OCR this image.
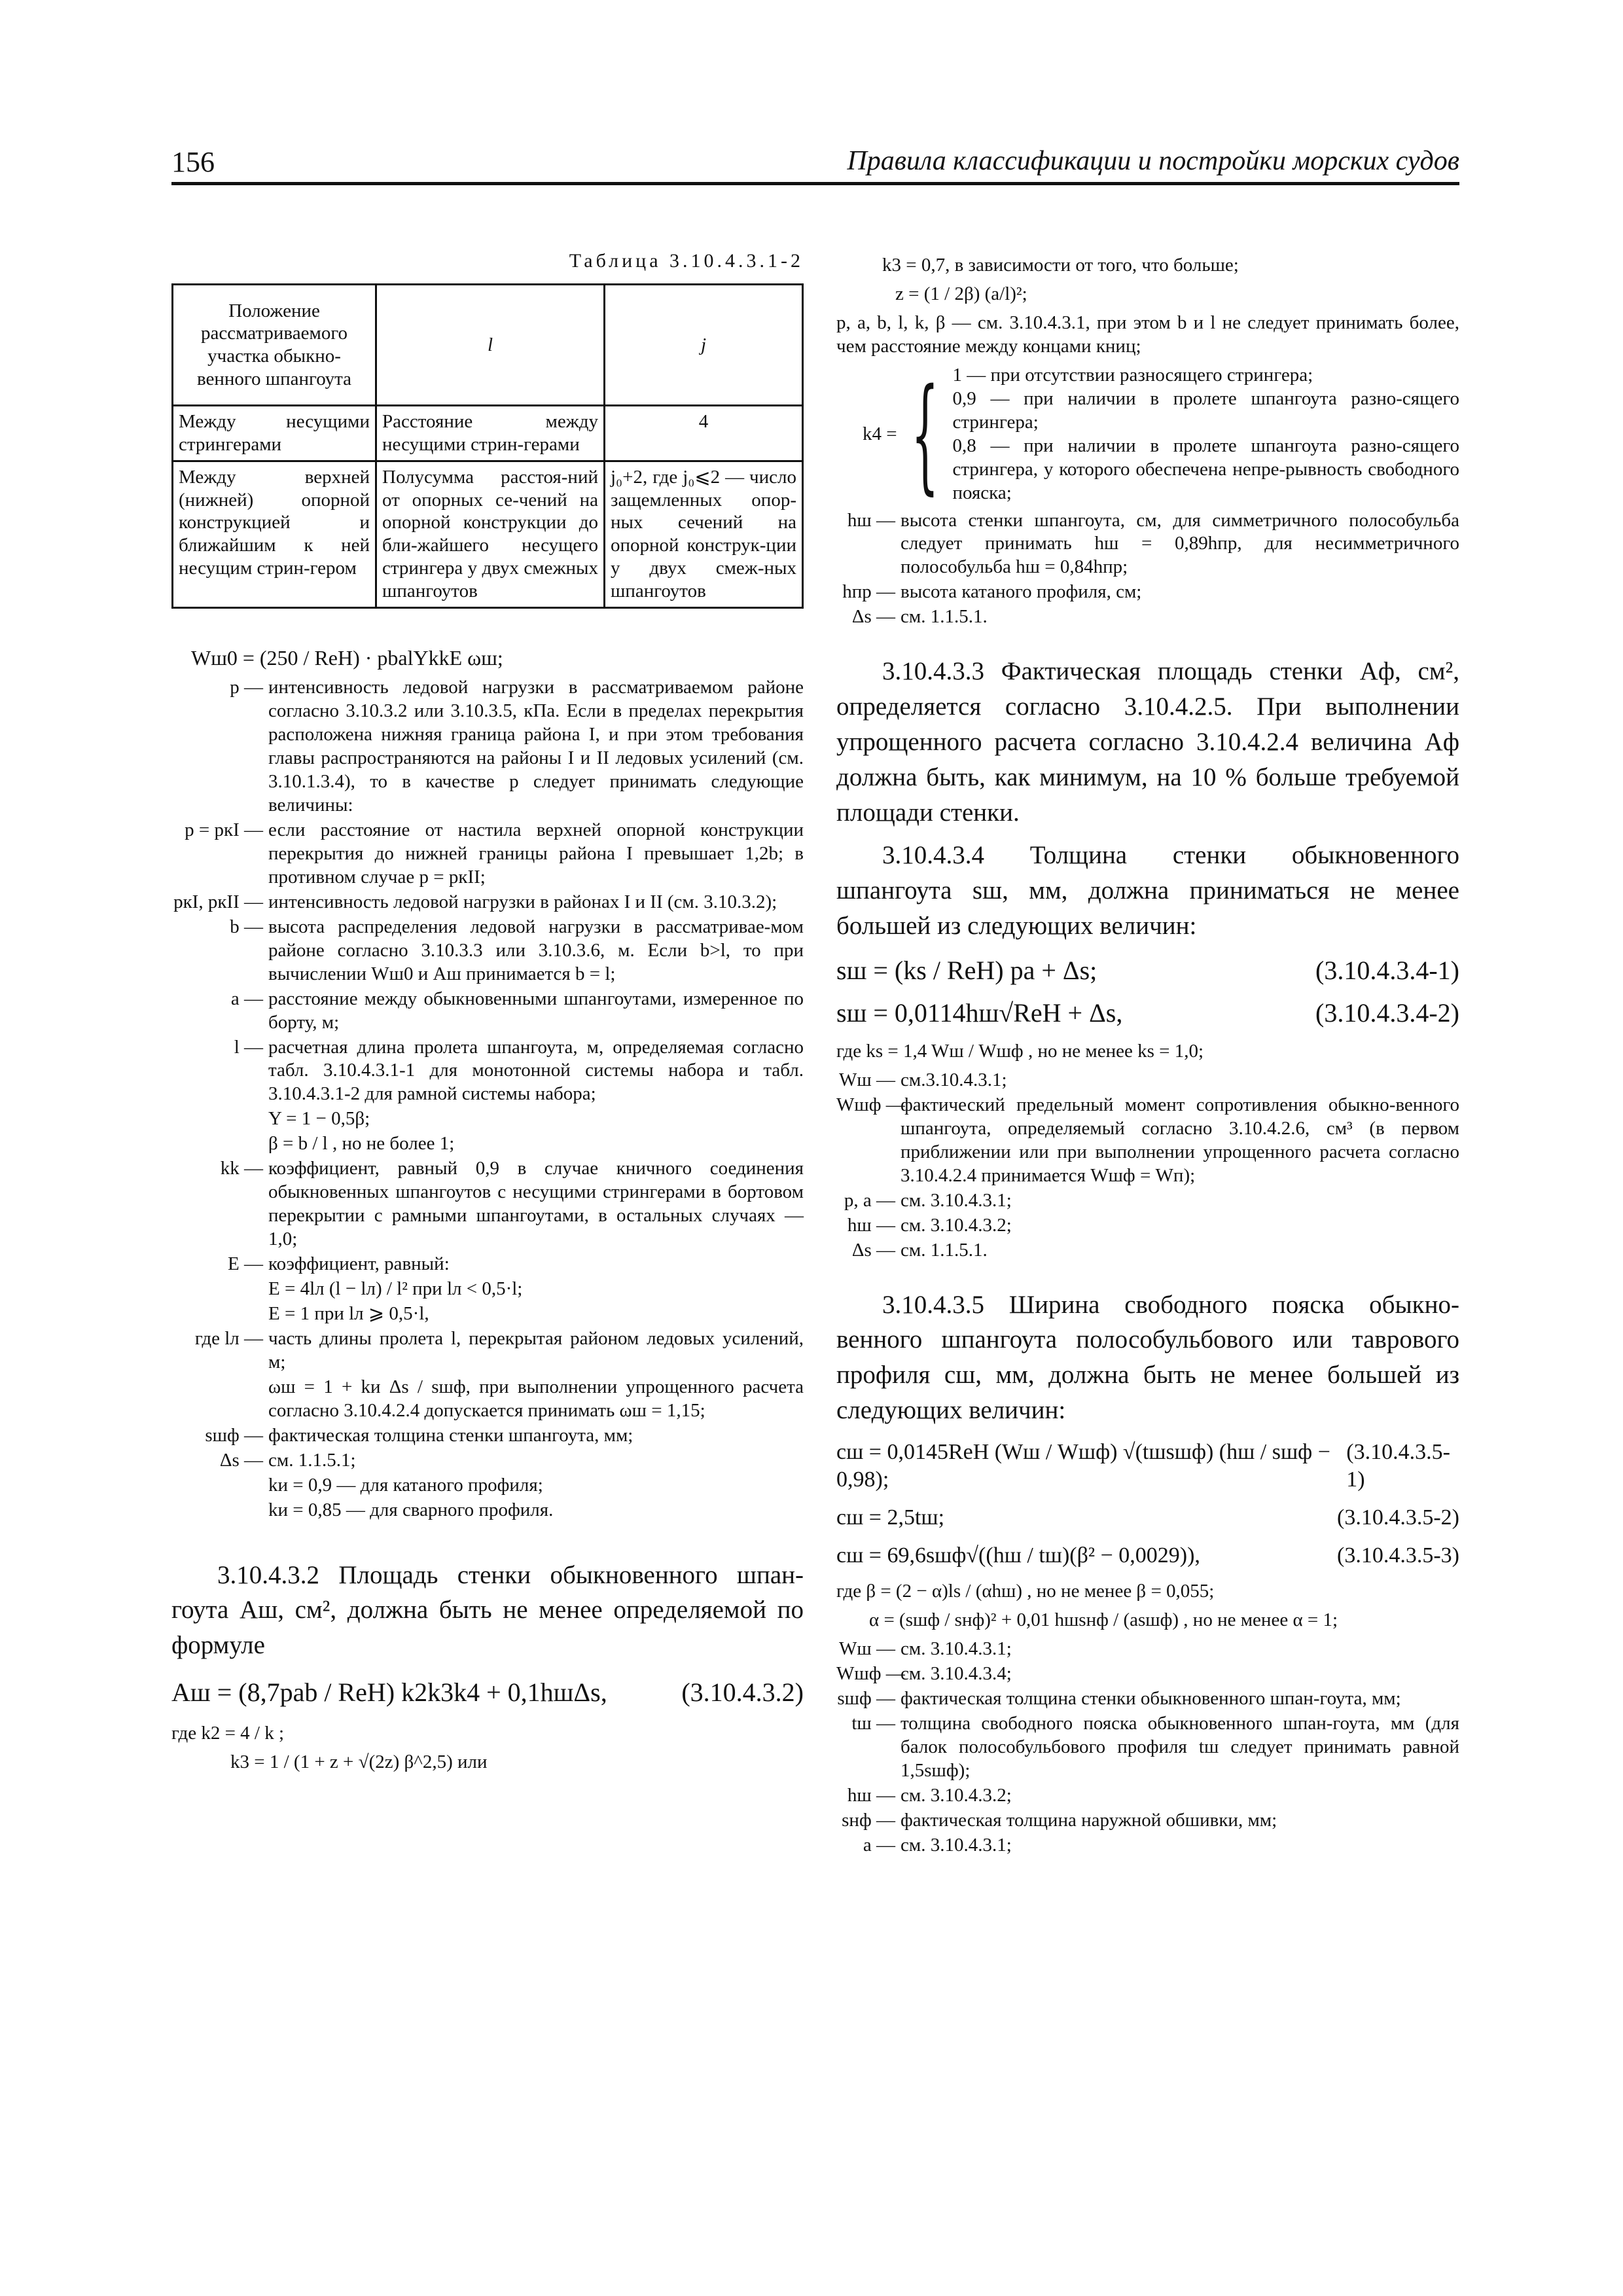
156	Правила классификации и постройки морских судов
Таблица 3.10.4.3.1-2
Положение рассматриваемого участка обыкно-венного шпангоута	l	j
Между несущими стрингерами	Расстояние между несущими стрин-герами	4
Между верхней (нижней) опорной конструкцией и ближайшим к ней несущим стрин-гером	Полусумма расстоя-ний от опорных се-чений на опорной конструкции до бли-жайшего несущего стрингера у двух смежных шпангоутов	j₀+2, где j₀⩽2 — число защемленных опор-ных сечений на опорной конструк-ции у двух смеж-ных шпангоутов
Wш0 = (250 / ReH) · pbalYkkE ωш;
p — интенсивность ледовой нагрузки в рассматриваемом районе согласно 3.10.3.2 или 3.10.3.5, кПа. Если в пределах перекрытия расположена нижняя граница района I, и при этом требования главы распространяются на районы I и II ледовых усилений (см. 3.10.1.3.4), то в качестве p следует принимать следующие величины:
p = pкI — если расстояние от настила верхней опорной конструкции перекрытия до нижней границы района I превышает 1,2b; в противном случае p = pкII;
pкI, pкII — интенсивность ледовой нагрузки в районах I и II (см. 3.10.3.2);
b — высота распределения ледовой нагрузки в рассматривае-мом районе согласно 3.10.3.3 или 3.10.3.6, м. Если b>l, то при вычислении Wш0 и Aш принимается b = l;
a — расстояние между обыкновенными шпангоутами, измеренное по борту, м;
l — расчетная длина пролета шпангоута, м, определяемая согласно табл. 3.10.4.3.1-1 для монотонной системы набора и табл. 3.10.4.3.1-2 для рамной системы набора;
Y = 1 − 0,5β;
β = b / l , но не более 1;
kk — коэффициент, равный 0,9 в случае кничного соединения обыкновенных шпангоутов с несущими стрингерами в бортовом перекрытии с рамными шпангоутами, в остальных случаях — 1,0;
E — коэффициент, равный:
E = 4lл (l − lл) / l² при lл < 0,5·l;
E = 1 при lл ⩾ 0,5·l,
где lл — часть длины пролета l, перекрытая районом ледовых усилений, м;
ωш = 1 + kи Δs / sшф, при выполнении упрощенного расчета согласно 3.10.4.2.4 допускается принимать ωш = 1,15;
sшф — фактическая толщина стенки шпангоута, мм;
Δs — см. 1.1.5.1;
kи = 0,9 — для катаного профиля;
kи = 0,85 — для сварного профиля.
3.10.4.3.2 Площадь стенки обыкновенного шпан-гоута Aш, см², должна быть не менее определяемой по формуле
Aш = (8,7pab / ReH) k2k3k4 + 0,1hшΔs,	(3.10.4.3.2)
где k2 = 4 / k ;
k3 = 1 / (1 + z + √(2z) β^2,5) или
k3 = 0,7, в зависимости от того, что больше;
z = (1 / 2β) (a/l)²;
p, a, b, l, k, β — см. 3.10.4.3.1, при этом b и l не следует принимать более, чем расстояние между концами книц;
k4 = { 1 — при отсутствии разносящего стрингера;
0,9 — при наличии в пролете шпангоута разно-сящего стрингера;
0,8 — при наличии в пролете шпангоута разно-сящего стрингера, у которого обеспечена непре-рывность свободного пояска;
hш — высота стенки шпангоута, см, для симметричного полособульба следует принимать hш = 0,89hпр, для несимметричного полособульба hш = 0,84hпр;
hпр — высота катаного профиля, см;
Δs — см. 1.1.5.1.
3.10.4.3.3 Фактическая площадь стенки Aф, см², определяется согласно 3.10.4.2.5. При выполнении упрощенного расчета согласно 3.10.4.2.4 величина Aф должна быть, как минимум, на 10 % больше требуемой площади стенки.
3.10.4.3.4 Толщина стенки обыкновенного шпангоута sш, мм, должна приниматься не менее большей из следующих величин:
sш = (ks / ReH) pa + Δs;	(3.10.4.3.4-1)
sш = 0,0114hш√ReH + Δs,	(3.10.4.3.4-2)
где ks = 1,4 Wш / Wшф , но не менее ks = 1,0;
Wш — см.3.10.4.3.1;
Wшф —
фактический предельный момент сопротивления обыкно-венного шпангоута, определяемый согласно 3.10.4.2.6, см³ (в первом приближении или при выполнении упрощенного расчета согласно 3.10.4.2.4 принимается Wшф = Wп);
p, a — см. 3.10.4.3.1;
hш — см. 3.10.4.3.2;
Δs — см. 1.1.5.1.
3.10.4.3.5 Ширина свободного пояска обыкно-венного шпангоута полособульбового или таврового профиля cш, мм, должна быть не менее большей из следующих величин:
cш = 0,0145ReH (Wш / Wшф) √(tшsшф) (hш / sшф − 0,98);
(3.10.4.3.5-1)
cш = 2,5tш;	(3.10.4.3.5-2)
cш = 69,6sшф√((hш / tш)(β² − 0,0029)),	(3.10.4.3.5-3)
где β = (2 − α)ls / (αhш) , но не менее β = 0,055;
α = (sшф / sнф)² + 0,01 hшsнф / (asшф) , но не менее α = 1;
Wш — см. 3.10.4.3.1;
Wшф —
см. 3.10.4.3.4;
sшф — фактическая толщина стенки обыкновенного шпан-гоута, мм;
tш — толщина свободного пояска обыкновенного шпан-гоута, мм (для балок полособульбового профиля tш следует принимать равной 1,5sшф);
hш — см. 3.10.4.3.2;
sнф — фактическая толщина наружной обшивки, мм;
a — см. 3.10.4.3.1;
